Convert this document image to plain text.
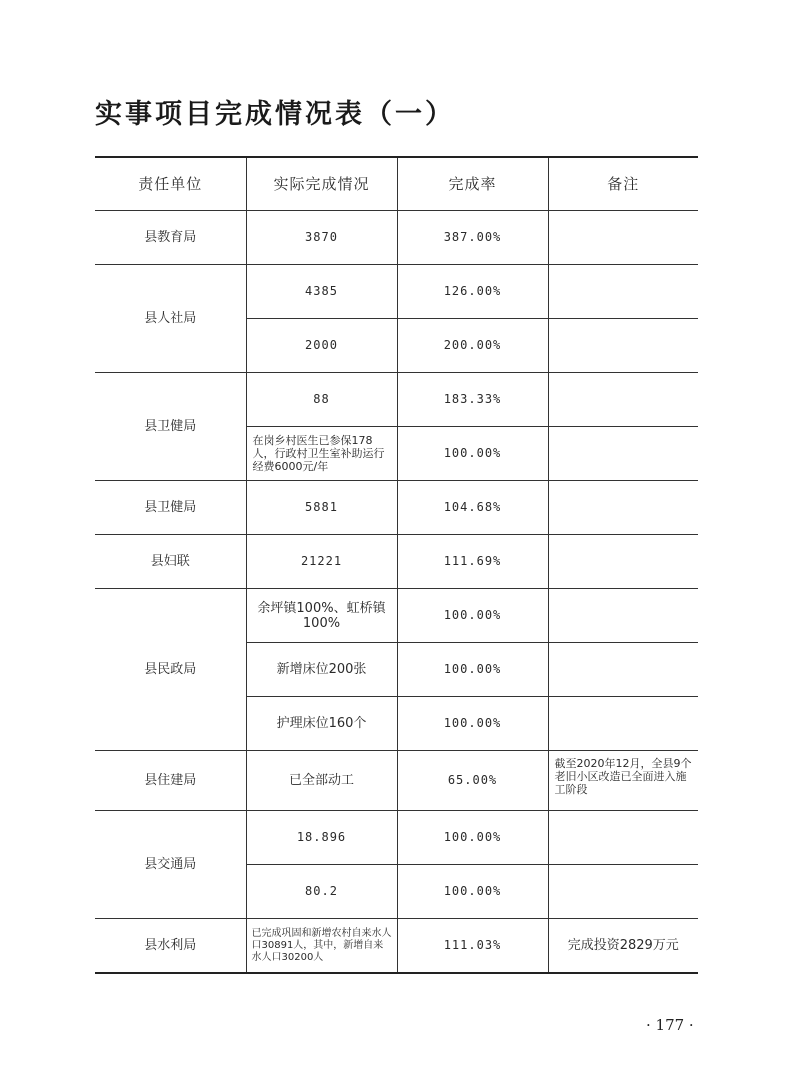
实事项目完成情况表（一）
责任单位	实际完成情况	完成率	备注
县教育局	3870	387.00%	
县人社局	4385	126.00%	
	2000	200.00%	
县卫健局	88	183.33%	
	在岗乡村医生已参保178人，行政村卫生室补助运行经费6000元/年	100.00%	
县卫健局	5881	104.68%	
县妇联	21221	111.69%	
县民政局	余坪镇100%、虹桥镇100%	100.00%	
	新增床位200张	100.00%	
	护理床位160个	100.00%	
县住建局	已全部动工	65.00%	截至2020年12月，全县9个老旧小区改造已全面进入施工阶段
县交通局	18.896	100.00%	
	80.2	100.00%	
县水利局	已完成巩固和新增农村自来水人口30891人，其中，新增自来水人口30200人	111.03%	完成投资2829万元
· 177 ·
